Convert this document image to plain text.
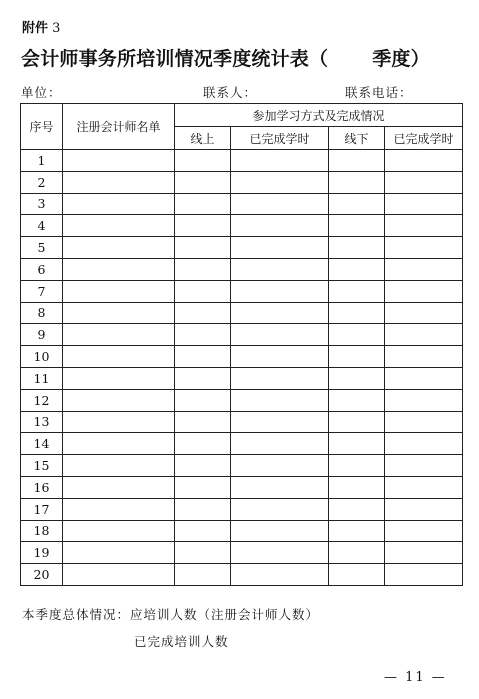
附件 3
会计师事务所培训情况季度统计表（ 季度）
单位：	联系人：	联系电话：
序号	注册会计师名单	参加学习方式及完成情况			
		线上	已完成学时	线下	已完成学时
1					
2					
3					
4					
5					
6					
7					
8					
9					
10					
11					
12					
13					
14					
15					
16					
17					
18					
19					
20					
本季度总体情况：应培训人数（注册会计师人数）
已完成培训人数
— 11 —
